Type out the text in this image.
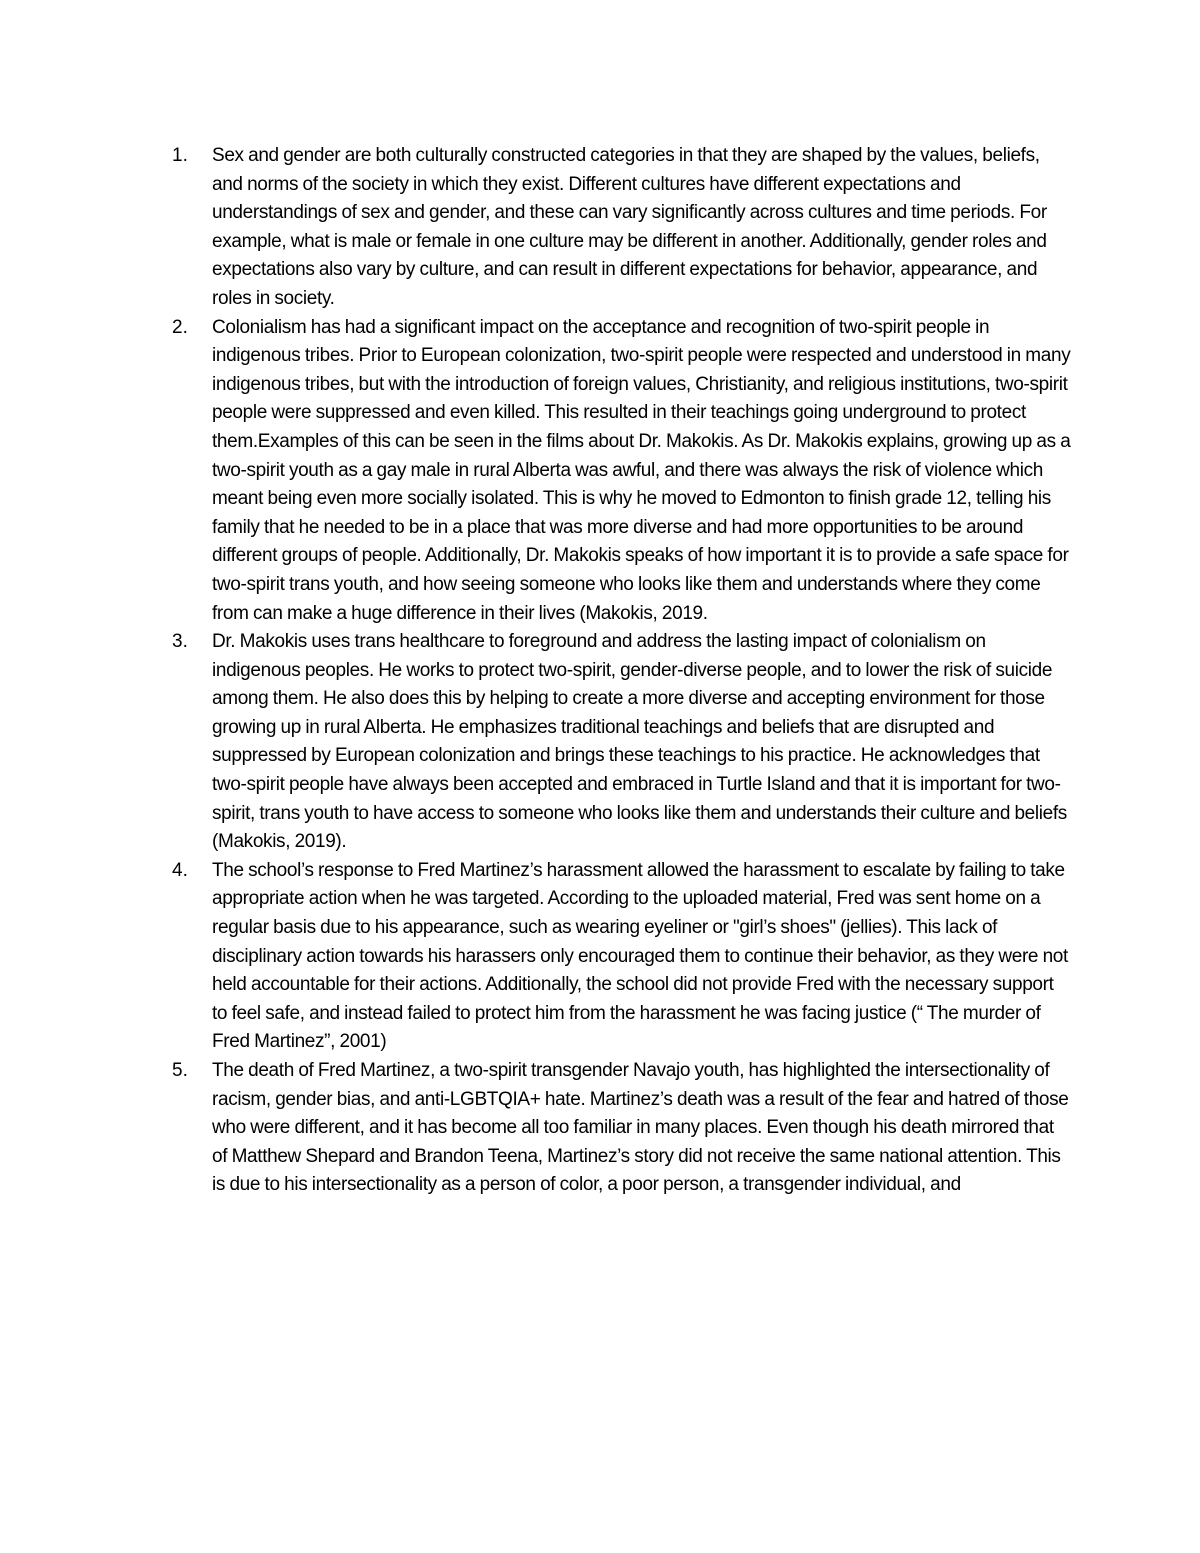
1.	Sex and gender are both culturally constructed categories in that they are shaped by the values, beliefs, and norms of the society in which they exist. Different cultures have different expectations and understandings of sex and gender, and these can vary significantly across cultures and time periods. For example, what is male or female in one culture may be different in another. Additionally, gender roles and expectations also vary by culture, and can result in different expectations for behavior, appearance, and roles in society.
2.	Colonialism has had a significant impact on the acceptance and recognition of two-spirit people in indigenous tribes. Prior to European colonization, two-spirit people were respected and understood in many indigenous tribes, but with the introduction of foreign values, Christianity, and religious institutions, two-spirit people were suppressed and even killed. This resulted in their teachings going underground to protect them.Examples of this can be seen in the films about Dr. Makokis. As Dr. Makokis explains, growing up as a two-spirit youth as a gay male in rural Alberta was awful, and there was always the risk of violence which meant being even more socially isolated. This is why he moved to Edmonton to finish grade 12, telling his family that he needed to be in a place that was more diverse and had more opportunities to be around different groups of people. Additionally, Dr. Makokis speaks of how important it is to provide a safe space for two-spirit trans youth, and how seeing someone who looks like them and understands where they come from can make a huge difference in their lives (Makokis, 2019.
3.	Dr. Makokis uses trans healthcare to foreground and address the lasting impact of colonialism on indigenous peoples. He works to protect two-spirit, gender-diverse people, and to lower the risk of suicide among them. He also does this by helping to create a more diverse and accepting environment for those growing up in rural Alberta. He emphasizes traditional teachings and beliefs that are disrupted and suppressed by European colonization and brings these teachings to his practice. He acknowledges that two-spirit people have always been accepted and embraced in Turtle Island and that it is important for two-spirit, trans youth to have access to someone who looks like them and understands their culture and beliefs (Makokis, 2019).
4.	The school’s response to Fred Martinez’s harassment allowed the harassment to escalate by failing to take appropriate action when he was targeted. According to the uploaded material, Fred was sent home on a regular basis due to his appearance, such as wearing eyeliner or "girl’s shoes" (jellies). This lack of disciplinary action towards his harassers only encouraged them to continue their behavior, as they were not held accountable for their actions. Additionally, the school did not provide Fred with the necessary support to feel safe, and instead failed to protect him from the harassment he was facing justice (“ The murder of Fred Martinez”, 2001)
5.	The death of Fred Martinez, a two-spirit transgender Navajo youth, has highlighted the intersectionality of racism, gender bias, and anti-LGBTQIA+ hate. Martinez’s death was a result of the fear and hatred of those who were different, and it has become all too familiar in many places. Even though his death mirrored that of Matthew Shepard and Brandon Teena, Martinez’s story did not receive the same national attention. This is due to his intersectionality as a person of color, a poor person, a transgender individual, and
